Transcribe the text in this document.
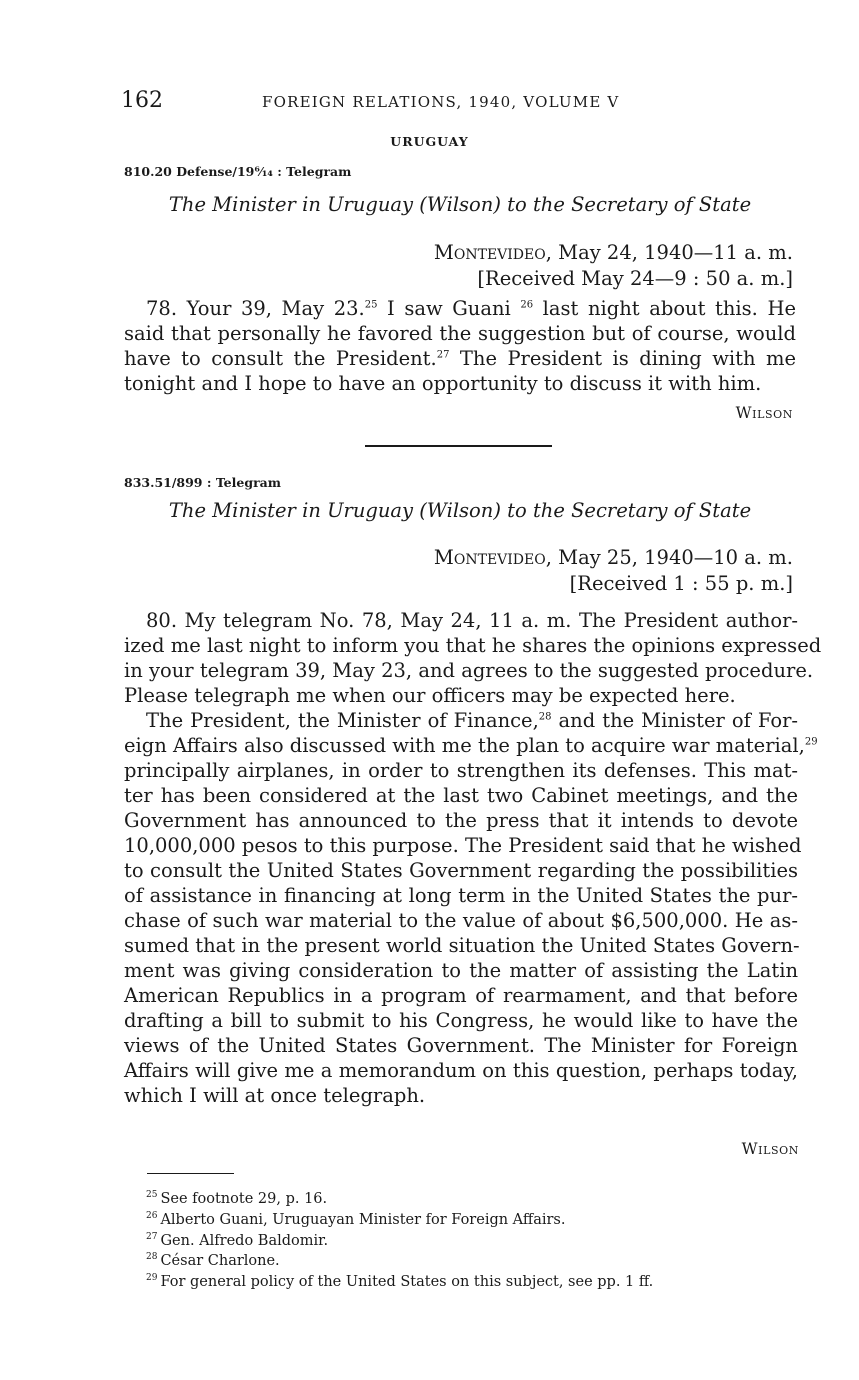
162	FOREIGN RELATIONS, 1940, VOLUME V
URUGUAY
810.20 Defense/19⁶⁄₁₄ : Telegram
The Minister in Uruguay (Wilson) to the Secretary of State
Montevideo, May 24, 1940—11 a. m.
[Received May 24—9 : 50 a. m.]
78. Your 39, May 23.25 I saw Guani $^{26}$ last night about this. He
said that personally he favored the suggestion but of course, would
have to consult the President.$^{27}$ The President is dining with me
tonight and I hope to have an opportunity to discuss it with him.
Wilson
833.51/899 : Telegram
The Minister in Uruguay (Wilson) to the Secretary of State
Montevideo, May 25, 1940—10 a. m.
[Received 1 : 55 p. m.]
80. My telegram No. 78, May 24, 11 a. m. The President author-
ized me last night to inform you that he shares the opinions expressed
in your telegram 39, May 23, and agrees to the suggested procedure.
Please telegraph me when our officers may be expected here.
The President, the Minister of Finance,$^{28}$ and the Minister of For-
eign Affairs also discussed with me the plan to acquire war material,$^{29}$
principally airplanes, in order to strengthen its defenses. This mat-
ter has been considered at the last two Cabinet meetings, and the
Government has announced to the press that it intends to devote
10,000,000 pesos to this purpose. The President said that he wished
to consult the United States Government regarding the possibilities
of assistance in financing at long term in the United States the pur-
chase of such war material to the value of about $6,500,000. He as-
sumed that in the present world situation the United States Govern-
ment was giving consideration to the matter of assisting the Latin
American Republics in a program of rearmament, and that before
drafting a bill to submit to his Congress, he would like to have the
views of the United States Government. The Minister for Foreign
Affairs will give me a memorandum on this question, perhaps today,
which I will at once telegraph.
Wilson
$^{25}$ See footnote 29, p. 16.
$^{26}$ Alberto Guani, Uruguayan Minister for Foreign Affairs.
$^{27}$ Gen. Alfredo Baldomir.
$^{28}$ César Charlone.
$^{29}$ For general policy of the United States on this subject, see pp. 1 ff.
